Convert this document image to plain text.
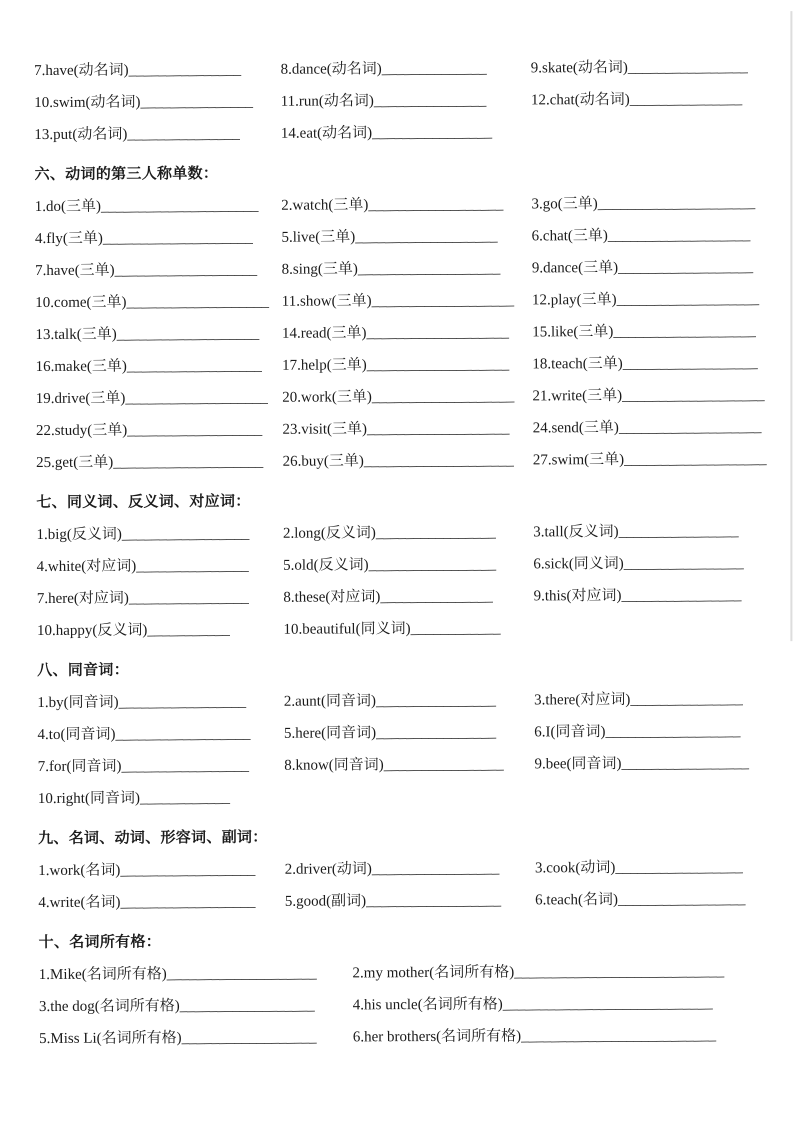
7.have(动名词)_______________	8.dance(动名词)______________	9.skate(动名词)________________
10.swim(动名词)_______________	11.run(动名词)_______________	12.chat(动名词)_______________
13.put(动名词)_______________	14.eat(动名词)________________
六、动词的第三人称单数：
1.do(三单)_____________________	2.watch(三单)__________________	3.go(三单)_____________________
4.fly(三单)____________________	5.live(三单)___________________	6.chat(三单)___________________
7.have(三单)___________________	8.sing(三单)___________________	9.dance(三单)__________________
10.come(三单)___________________ 11.show(三单)___________________	12.play(三单)___________________
13.talk(三单)___________________	14.read(三单)___________________	15.like(三单)___________________
16.make(三单)__________________	17.help(三单)___________________	18.teach(三单)__________________
19.drive(三单)___________________ 20.work(三单)___________________	21.write(三单)___________________
22.study(三单)__________________	23.visit(三单)___________________	24.send(三单)___________________
25.get(三单)____________________	26.buy(三单)____________________	27.swim(三单)___________________
七、同义词、反义词、对应词：
1.big(反义词)_________________	2.long(反义词)________________	3.tall(反义词)________________
4.white(对应词)_______________	5.old(反义词)_________________	6.sick(同义词)________________
7.here(对应词)________________	8.these(对应词)_______________	9.this(对应词)________________
10.happy(反义词)___________	10.beautiful(同义词)____________
八、同音词：
1.by(同音词)_________________	2.aunt(同音词)________________	3.there(对应词)_______________
4.to(同音词)__________________	5.here(同音词)________________	6.I(同音词)__________________
7.for(同音词)_________________	8.know(同音词)________________	9.bee(同音词)_________________
10.right(同音词)____________
九、名词、动词、形容词、副词：
1.work(名词)__________________	2.driver(动词)_________________	3.cook(动词)_________________
4.write(名词)__________________	5.good(副词)__________________	6.teach(名词)_________________
十、名词所有格：
1.Mike(名词所有格)____________________	2.my mother(名词所有格)____________________________
3.the dog(名词所有格)__________________	4.his uncle(名词所有格)____________________________
5.Miss Li(名词所有格)__________________	6.her brothers(名词所有格)__________________________
